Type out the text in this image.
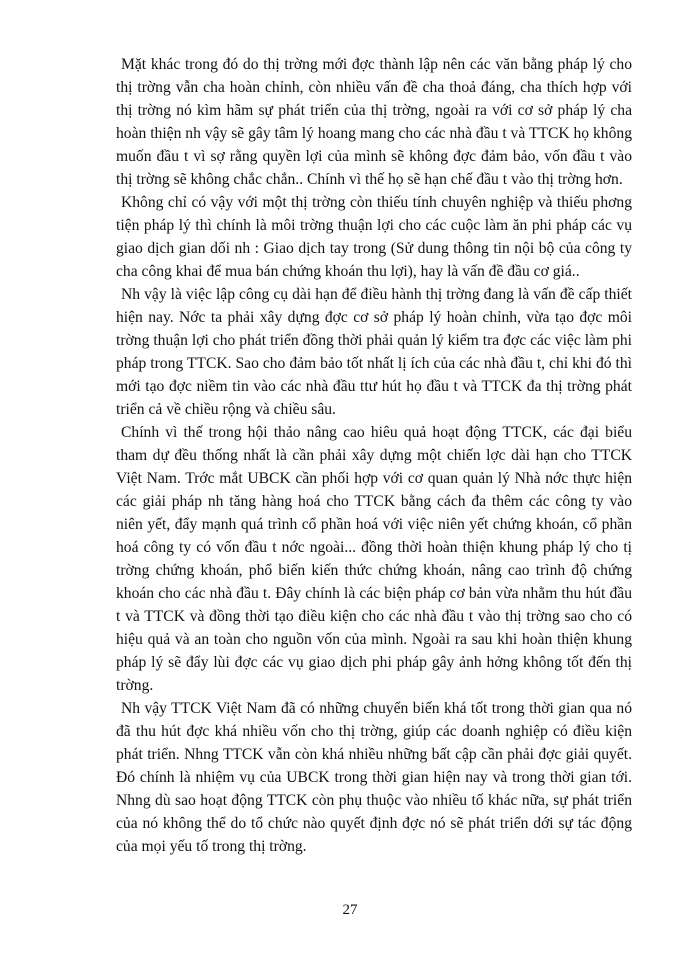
Mặt khác trong đó do thị trờng mới đợc thành lập nên các văn bằng pháp lý cho thị trờng vẫn cha hoàn chỉnh, còn nhiều vấn đề cha thoả đáng, cha thích hợp với thị trờng nó kìm hãm sự phát triển của thị trờng, ngoài ra với cơ sở pháp lý cha hoàn thiện nh vậy sẽ gây tâm lý hoang mang cho các nhà đầu t và TTCK họ không muốn đầu t vì sợ rằng quyền lợi của mình sẽ không đợc đảm bảo, vốn đầu t vào thị trờng sẽ không chắc chắn.. Chính vì thế họ sẽ hạn chế đầu t vào thị trờng hơn.

Không chỉ có vậy với một thị trờng còn thiếu tính chuyên nghiệp và thiếu phơng tiện pháp lý thì chính là môi trờng thuận lợi cho các cuộc làm ăn phi pháp các vụ giao dịch gian dối nh : Giao dịch tay trong (Sử dung thông tin nội bộ của công ty cha công khai để mua bán chứng khoán thu lợi), hay là vấn đề đầu cơ giá..

Nh vậy là việc lập công cụ dài hạn để điều hành thị trờng đang là vấn đề cấp thiết hiện nay. Nớc ta phải xây dựng đợc cơ sở pháp lý hoàn chỉnh, vừa tạo đợc môi trờng thuận lợi cho phát triển đồng thời phải quản lý kiểm tra đợc các việc làm phi pháp trong TTCK. Sao cho đảm bảo tốt nhất lị ích của các nhà đầu t, chỉ khi đó thì mới tạo đợc niềm tin vào các nhà đầu ttư hút họ đầu t và TTCK đa thị trờng phát triển cả về chiều rộng và chiều sâu.

Chính vì thế trong hội thảo nâng cao hiêu quả hoạt động TTCK, các đại biểu tham dự đều thống nhất là cần phải xây dựng một chiến lợc dài hạn cho TTCK Việt Nam. Trớc mắt UBCK cần phối hợp với cơ quan quản lý Nhà nớc thực hiện các giải pháp nh tăng hàng hoá cho TTCK bằng cách đa thêm các công ty vào niên yết, đẩy mạnh quá trình cổ phần hoá với việc niên yết chứng khoán, cổ phần hoá công ty có vốn đầu t nớc ngoài... đồng thời hoàn thiện khung pháp lý cho tị trờng chứng khoán, phổ biến kiến thức chứng khoán, nâng cao trình độ chứng khoán cho các nhà đầu t. Đây chính là các biện pháp cơ bản vừa nhằm thu hút đầu t và TTCK và đồng thời tạo điều kiện cho các nhà đầu t vào thị trờng sao cho có hiệu quả và an toàn cho nguồn vốn của mình. Ngoài ra sau khi hoàn thiện khung pháp lý sẽ đẩy lùi đợc các vụ giao dịch phi pháp gây ảnh hởng không tốt đến thị trờng.

Nh vậy TTCK Việt Nam đã có những chuyển biến khá tốt trong thời gian qua nó đã thu hút đợc khá nhiều vốn cho thị trờng, giúp các doanh nghiệp có điều kiện phát triển. Nhng TTCK vẫn còn khá nhiều những bất cập cần phải đợc giải quyết. Đó chính là nhiệm vụ của UBCK trong thời gian hiện nay và trong thời gian tới. Nhng dù sao hoạt động TTCK còn phụ thuộc vào nhiều tố khác nữa, sự phát triển của nó không thể do tổ chức nào quyết định đợc nó sẽ phát triển dới sự tác động của mọi yếu tố trong thị trờng.

27
